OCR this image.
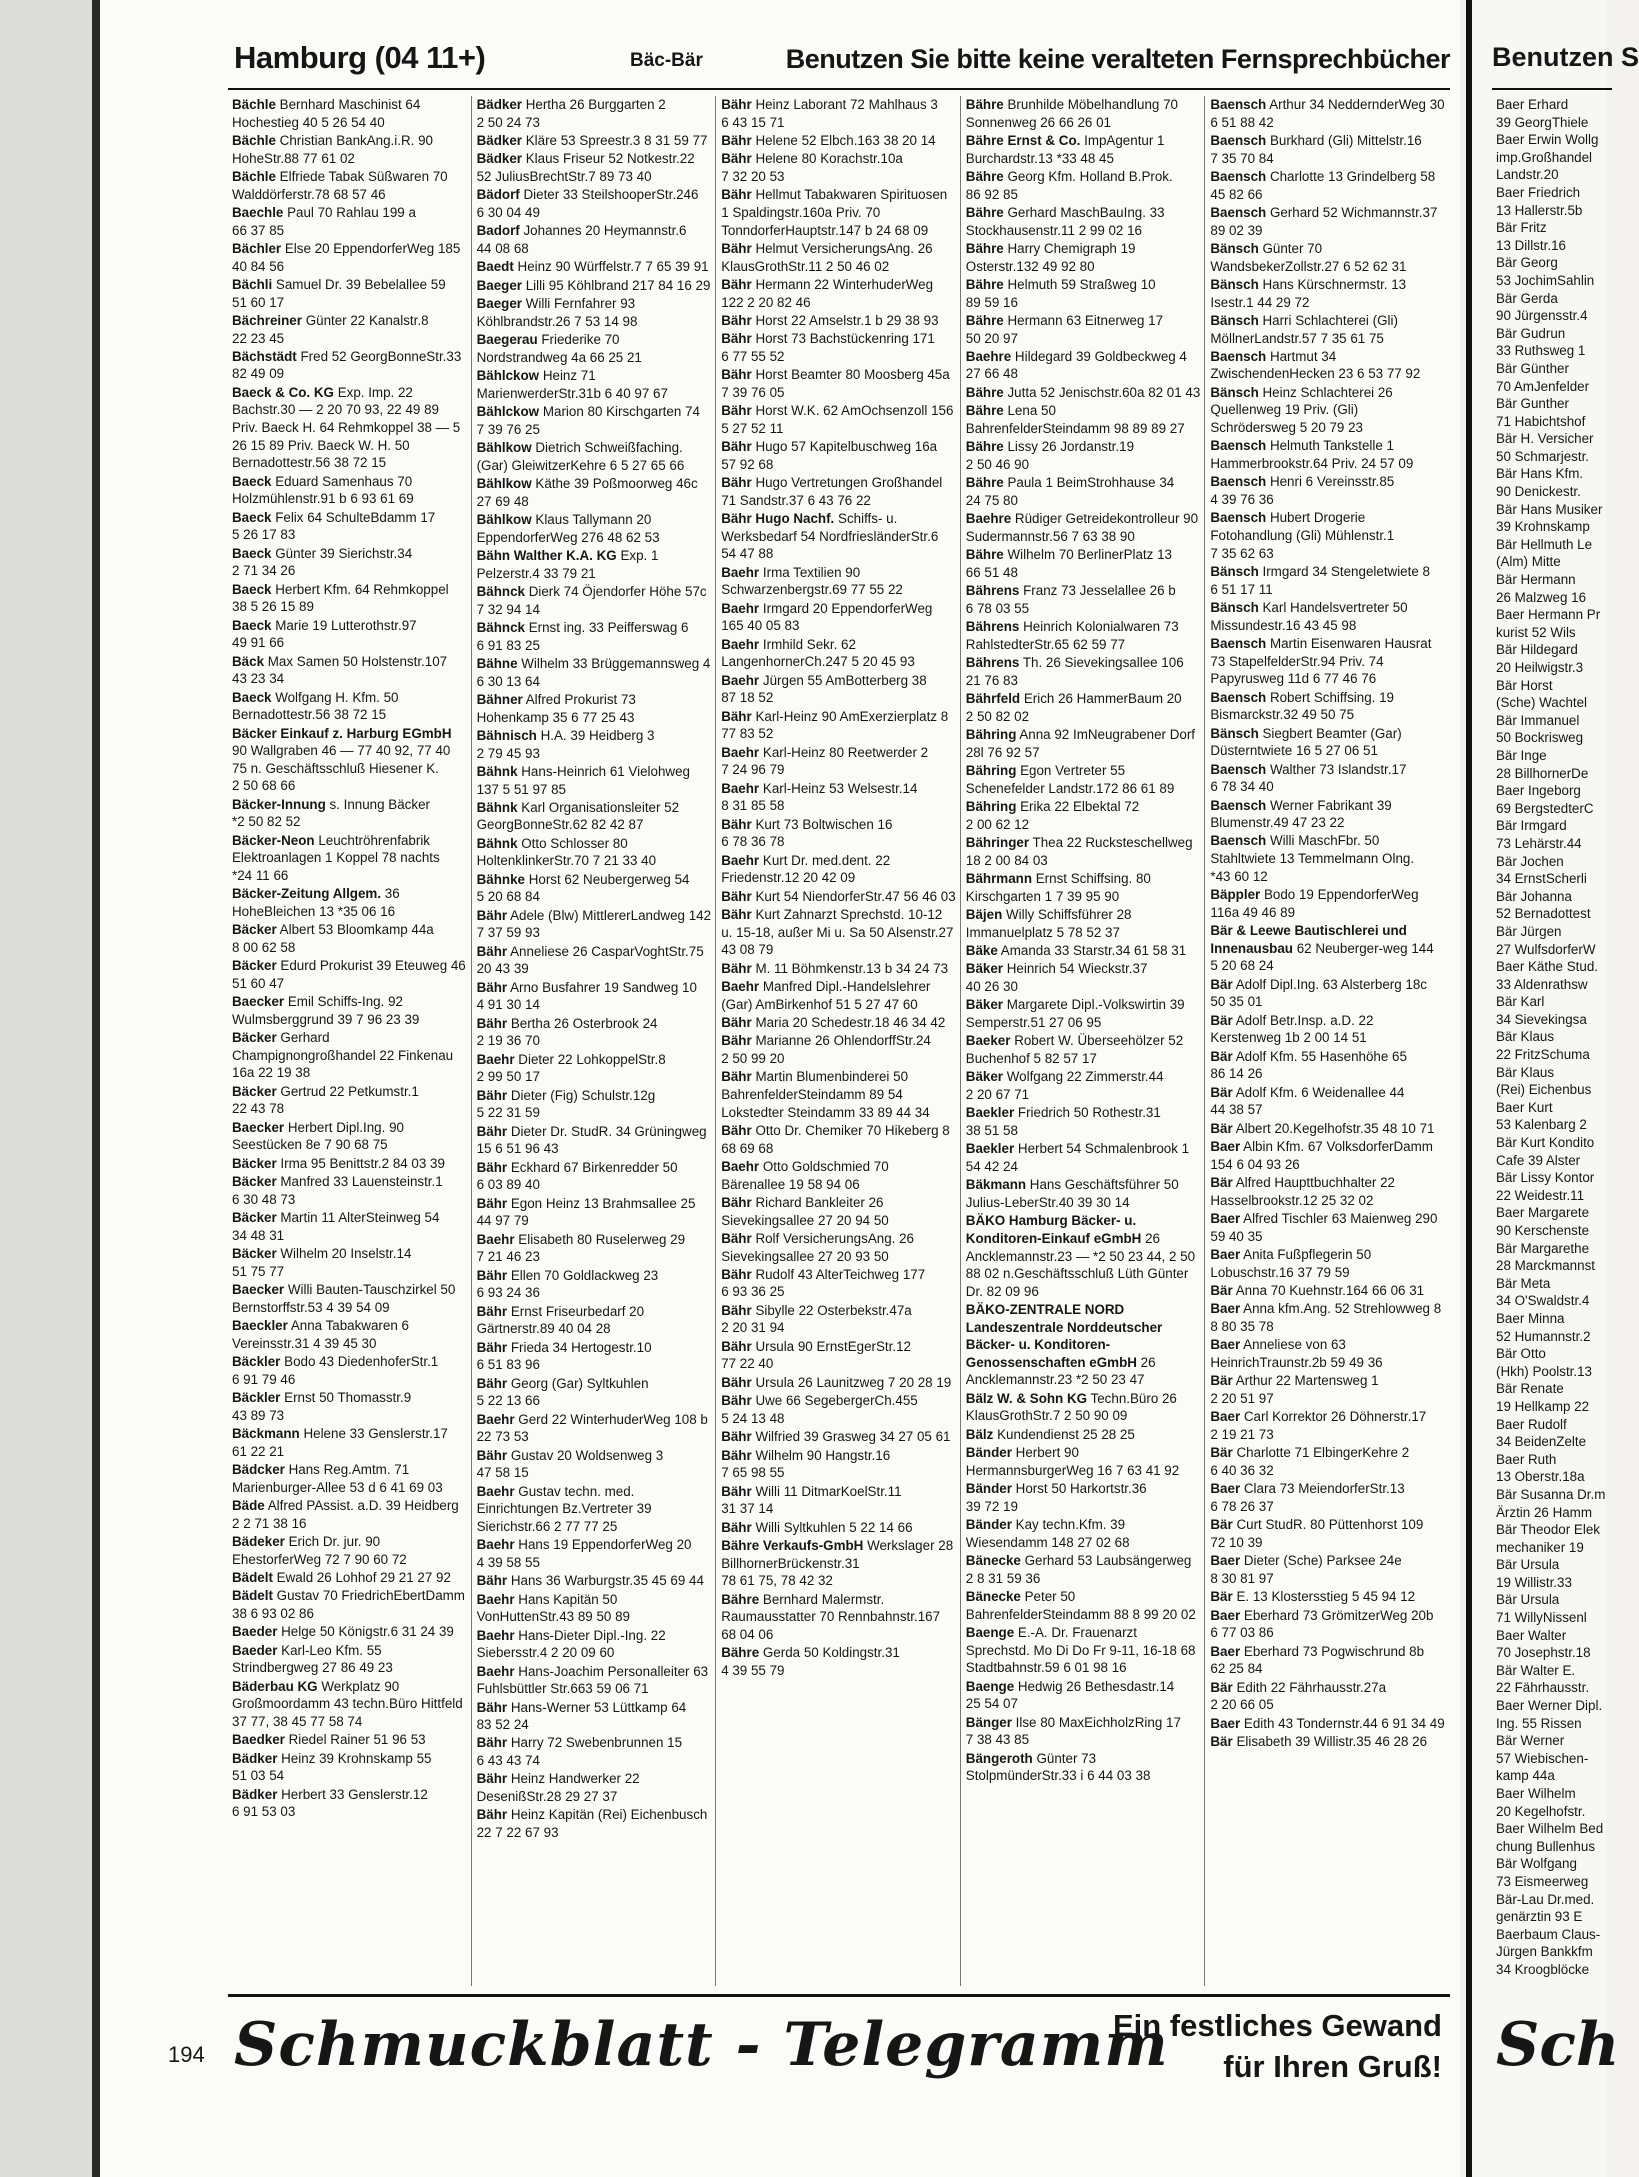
Hamburg (04 11+)	Bäc-Bär	Benutzen Sie bitte keine veralteten Fernsprechbücher
Bächle Bernhard Maschinist 64 Hochestieg 40 5 26 54 40
Bächle Christian BankAng.i.R. 90 HoheStr.88 77 61 02
Bächle Elfriede Tabak Süßwaren 70 Walddörferstr.78 68 57 46
Baechle Paul 70 Rahlau 199 a 66 37 85
Bächler Else 20 EppendorferWeg 185 40 84 56
Bächli Samuel Dr. 39 Bebelallee 59 51 60 17
Bächreiner Günter 22 Kanalstr.8 22 23 45
Bächstädt Fred 52 GeorgBonneStr.33 82 49 09
Baeck & Co. KG Exp. Imp. 22 Bachstr.30 — 2 20 70 93, 22 49 89 Priv. Baeck H. 64 Rehmkoppel 38 — 5 26 15 89 Priv. Baeck W. H. 50 Bernadottestr.56 38 72 15
Baeck Eduard Samenhaus 70 Holzmühlenstr.91 b 6 93 61 69
Baeck Felix 64 SchulteBdamm 17 5 26 17 83
Baeck Günter 39 Sierichstr.34 2 71 34 26
Baeck Herbert Kfm. 64 Rehmkoppel 38 5 26 15 89
Baeck Marie 19 Lutterothstr.97 49 91 66
Bäck Max Samen 50 Holstenstr.107 43 23 34
Baeck Wolfgang H. Kfm. 50 Bernadottestr.56 38 72 15
Bäcker Einkauf z. Harburg EGmbH 90 Wallgraben 46 — 77 40 92, 77 40 75 n. Geschäftsschluß Hiesener K. 2 50 68 66
Bäcker-Innung s. Innung Bäcker *2 50 82 52
Bäcker-Neon Leuchtröhrenfabrik Elektroanlagen 1 Koppel 78 nachts *24 11 66
Bäcker-Zeitung Allgem. 36 HoheBleichen 13 *35 06 16
Bäcker Albert 53 Bloomkamp 44a 8 00 62 58
Bäcker Edurd Prokurist 39 Eteuweg 46 51 60 47
Baecker Emil Schiffs-Ing. 92 Wulmsberggrund 39 7 96 23 39
Bäcker Gerhard Champignongroßhandel 22 Finkenau 16a 22 19 38
Bäcker Gertrud 22 Petkumstr.1 22 43 78
Baecker Herbert Dipl.Ing. 90 Seestücken 8e 7 90 68 75
Bäcker Irma 95 Benittstr.2 84 03 39
Bäcker Manfred 33 Lauensteinstr.1 6 30 48 73
Bäcker Martin 11 AlterSteinweg 54 34 48 31
Bäcker Wilhelm 20 Inselstr.14 51 75 77
Baecker Willi Bauten-Tauschzirkel 50 Bernstorffstr.53 4 39 54 09
Baeckler Anna Tabakwaren 6 Vereinsstr.31 4 39 45 30
Bäckler Bodo 43 DiedenhoferStr.1 6 91 79 46
Bäckler Ernst 50 Thomasstr.9 43 89 73
Bäckmann Helene 33 Genslerstr.17 61 22 21
Bädcker Hans Reg.Amtm. 71 Marienburger-Allee 53 d 6 41 69 03
Bäde Alfred PAssist. a.D. 39 Heidberg 2 2 71 38 16
Bädeker Erich Dr. jur. 90 EhestorferWeg 72 7 90 60 72
Bädelt Ewald 26 Lohhof 29 21 27 92
Bädelt Gustav 70 FriedrichEbertDamm 38 6 93 02 86
Baeder Helge 50 Königstr.6 31 24 39
Baeder Karl-Leo Kfm. 55 Strindbergweg 27 86 49 23
Bäderbau KG Werkplatz 90 Großmoordamm 43 techn.Büro Hittfeld 37 77, 38 45 77 58 74
Baedker Riedel Rainer 51 96 53
Bädker Heinz 39 Krohnskamp 55 51 03 54
Bädker Herbert 33 Genslerstr.12 6 91 53 03
Bädker Hertha 26 Burggarten 2 2 50 24 73
Bädker Kläre 53 Spreestr.3 8 31 59 77
Bädker Klaus Friseur 52 Notkestr.22 52 JuliusBrechtStr.7 89 73 40
Bädorf Dieter 33 SteilshooperStr.246 6 30 04 49
Badorf Johannes 20 Heymannstr.6 44 08 68
Baedt Heinz 90 Würffelstr.7 7 65 39 91
Baeger Lilli 95 Köhlbrand 217 84 16 29
Baeger Willi Fernfahrer 93 Köhlbrandstr.26 7 53 14 98
Baegerau Friederike 70 Nordstrandweg 4a 66 25 21
Bählckow Heinz 71 MarienwerderStr.31b 6 40 97 67
Bählckow Marion 80 Kirschgarten 74 7 39 76 25
Bählkow Dietrich Schweißfaching. (Gar) GleiwitzerKehre 6 5 27 65 66
Bählkow Käthe 39 Poßmoorweg 46c 27 69 48
Bählkow Klaus Tallymann 20 EppendorferWeg 276 48 62 53
Bähn Walther K.A. KG Exp. 1 Pelzerstr.4 33 79 21
Bähnck Dierk 74 Öjendorfer Höhe 57c 7 32 94 14
Bähnck Ernst ing. 33 Peifferswag 6 6 91 83 25
Bähne Wilhelm 33 Brüggemannsweg 4 6 30 13 64
Bähner Alfred Prokurist 73 Hohenkamp 35 6 77 25 43
Bähnisch H.A. 39 Heidberg 3 2 79 45 93
Bähnk Hans-Heinrich 61 Vielohweg 137 5 51 97 85
Bähnk Karl Organisationsleiter 52 GeorgBonneStr.62 82 42 87
Bähnk Otto Schlosser 80 HoltenklinkerStr.70 7 21 33 40
Bähnke Horst 62 Neubergerweg 54 5 20 68 84
Bähr Adele (Blw) MittlererLandweg 142 7 37 59 93
Bähr Anneliese 26 CasparVoghtStr.75 20 43 39
Bähr Arno Busfahrer 19 Sandweg 10 4 91 30 14
Bähr Bertha 26 Osterbrook 24 2 19 36 70
Baehr Dieter 22 LohkoppelStr.8 2 99 50 17
Bähr Dieter (Fig) Schulstr.12g 5 22 31 59
Bähr Dieter Dr. StudR. 34 Grüningweg 15 6 51 96 43
Bähr Eckhard 67 Birkenredder 50 6 03 89 40
Bähr Egon Heinz 13 Brahmsallee 25 44 97 79
Baehr Elisabeth 80 Ruselerweg 29 7 21 46 23
Bähr Ellen 70 Goldlackweg 23 6 93 24 36
Bähr Ernst Friseurbedarf 20 Gärtnerstr.89 40 04 28
Bähr Frieda 34 Hertogestr.10 6 51 83 96
Bähr Georg (Gar) Syltkuhlen 5 22 13 66
Baehr Gerd 22 WinterhuderWeg 108 b 22 73 53
Bähr Gustav 20 Woldsenweg 3 47 58 15
Baehr Gustav techn. med. Einrichtungen Bz.Vertreter 39 Sierichstr.66 2 77 77 25
Baehr Hans 19 EppendorferWeg 20 4 39 58 55
Bähr Hans 36 Warburgstr.35 45 69 44
Baehr Hans Kapitän 50 VonHuttenStr.43 89 50 89
Baehr Hans-Dieter Dipl.-Ing. 22 Siebersstr.4 2 20 09 60
Baehr Hans-Joachim Personalleiter 63 Fuhlsbüttler Str.663 59 06 71
Bähr Hans-Werner 53 Lüttkamp 64 83 52 24
Bähr Harry 72 Swebenbrunnen 15 6 43 43 74
Bähr Heinz Handwerker 22 DesenißStr.28 29 27 37
Bähr Heinz Kapitän (Rei) Eichenbusch 22 7 22 67 93
Bähr Heinz Laborant 72 Mahlhaus 3 6 43 15 71
Bähr Helene 52 Elbch.163 38 20 14
Bähr Helene 80 Korachstr.10a 7 32 20 53
Bähr Hellmut Tabakwaren Spirituosen 1 Spaldingstr.160a Priv. 70 TonndorferHauptstr.147 b 24 68 09
Bähr Helmut VersicherungsAng. 26 KlausGrothStr.11 2 50 46 02
Bähr Hermann 22 WinterhuderWeg 122 2 20 82 46
Bähr Horst 22 Amselstr.1 b 29 38 93
Bähr Horst 73 Bachstückenring 171 6 77 55 52
Bähr Horst Beamter 80 Moosberg 45a 7 39 76 05
Bähr Horst W.K. 62 AmOchsenzoll 156 5 27 52 11
Bähr Hugo 57 Kapitelbuschweg 16a 57 92 68
Bähr Hugo Vertretungen Großhandel 71 Sandstr.37 6 43 76 22
Bähr Hugo Nachf. Schiffs- u. Werksbedarf 54 NordfriesländerStr.6 54 47 88
Baehr Irma Textilien 90 Schwarzenbergstr.69 77 55 22
Baehr Irmgard 20 EppendorferWeg 165 40 05 83
Baehr Irmhild Sekr. 62 LangenhornerCh.247 5 20 45 93
Baehr Jürgen 55 AmBotterberg 38 87 18 52
Bähr Karl-Heinz 90 AmExerzierplatz 8 77 83 52
Baehr Karl-Heinz 80 Reetwerder 2 7 24 96 79
Baehr Karl-Heinz 53 Welsestr.14 8 31 85 58
Bähr Kurt 73 Boltwischen 16 6 78 36 78
Baehr Kurt Dr. med.dent. 22 Friedenstr.12 20 42 09
Bähr Kurt 54 NiendorferStr.47 56 46 03
Bähr Kurt Zahnarzt Sprechstd. 10-12 u. 15-18, außer Mi u. Sa 50 Alsenstr.27 43 08 79
Bähr M. 11 Böhmkenstr.13 b 34 24 73
Baehr Manfred Dipl.-Handelslehrer (Gar) AmBirkenhof 51 5 27 47 60
Bähr Maria 20 Schedestr.18 46 34 42
Bähr Marianne 26 OhlendorffStr.24 2 50 99 20
Bähr Martin Blumenbinderei 50 BahrenfelderSteindamm 89 54 Lokstedter Steindamm 33 89 44 34
Bähr Otto Dr. Chemiker 70 Hikeberg 8 68 69 68
Baehr Otto Goldschmied 70 Bärenallee 19 58 94 06
Bähr Richard Bankleiter 26 Sievekingsallee 27 20 94 50
Bähr Rolf VersicherungsAng. 26 Sievekingsallee 27 20 93 50
Bähr Rudolf 43 AlterTeichweg 177 6 93 36 25
Bähr Sibylle 22 Osterbekstr.47a 2 20 31 94
Bähr Ursula 90 ErnstEgerStr.12 77 22 40
Bähr Ursula 26 Launitzweg 7 20 28 19
Bähr Uwe 66 SegebergerCh.455 5 24 13 48
Bähr Wilfried 39 Grasweg 34 27 05 61
Bähr Wilhelm 90 Hangstr.16 7 65 98 55
Bähr Willi 11 DitmarKoelStr.11 31 37 14
Bähr Willi Syltkuhlen 5 22 14 66
Bähre Verkaufs-GmbH Werkslager 28 BillhornerBrückenstr.31 78 61 75, 78 42 32
Bähre Bernhard Malermstr. Raumausstatter 70 Rennbahnstr.167 68 04 06
Bähre Gerda 50 Koldingstr.31 4 39 55 79
Bähre Brunhilde Möbelhandlung 70 Sonnenweg 26 66 26 01
Bähre Ernst & Co. ImpAgentur 1 Burchardstr.13 *33 48 45
Bähre Georg Kfm. Holland B.Prok. 86 92 85
Bähre Gerhard MaschBauIng. 33 Stockhausenstr.11 2 99 02 16
Bähre Harry Chemigraph 19 Osterstr.132 49 92 80
Bähre Helmuth 59 Straßweg 10 89 59 16
Bähre Hermann 63 Eitnerweg 17 50 20 97
Baehre Hildegard 39 Goldbeckweg 4 27 66 48
Bähre Jutta 52 Jenischstr.60a 82 01 43
Bähre Lena 50 BahrenfelderSteindamm 98 89 89 27
Bähre Lissy 26 Jordanstr.19 2 50 46 90
Bähre Paula 1 BeimStrohhause 34 24 75 80
Baehre Rüdiger Getreidekontrolleur 90 Sudermannstr.56 7 63 38 90
Bähre Wilhelm 70 BerlinerPlatz 13 66 51 48
Bährens Franz 73 Jesselallee 26 b 6 78 03 55
Bährens Heinrich Kolonialwaren 73 RahlstedterStr.65 62 59 77
Bährens Th. 26 Sievekingsallee 106 21 76 83
Bährfeld Erich 26 HammerBaum 20 2 50 82 02
Bähring Anna 92 ImNeugrabener Dorf 28l 76 92 57
Bähring Egon Vertreter 55 Schenefelder Landstr.172 86 61 89
Bähring Erika 22 Elbektal 72 2 00 62 12
Bähringer Thea 22 Rucksteschellweg 18 2 00 84 03
Bährmann Ernst Schiffsing. 80 Kirschgarten 1 7 39 95 90
Bäjen Willy Schiffsführer 28 Immanuelplatz 5 78 52 37
Bäke Amanda 33 Starstr.34 61 58 31
Bäker Heinrich 54 Wieckstr.37 40 26 30
Bäker Margarete Dipl.-Volkswirtin 39 Semperstr.51 27 06 95
Baeker Robert W. Überseehölzer 52 Buchenhof 5 82 57 17
Bäker Wolfgang 22 Zimmerstr.44 2 20 67 71
Baekler Friedrich 50 Rothestr.31 38 51 58
Baekler Herbert 54 Schmalenbrook 1 54 42 24
Bäkmann Hans Geschäftsführer 50 Julius-LeberStr.40 39 30 14
BÄKO Hamburg Bäcker- u. Konditoren-Einkauf eGmbH 26 Ancklemannstr.23 — *2 50 23 44, 2 50 88 02 n.Geschäftsschluß Lüth Günter Dr. 82 09 96
BÄKO-ZENTRALE NORD Landeszentrale Norddeutscher Bäcker- u. Konditoren-Genossenschaften eGmbH 26 Ancklemannstr.23 *2 50 23 47
Bälz W. & Sohn KG Techn.Büro 26 KlausGrothStr.7 2 50 90 09
Bälz Kundendienst 25 28 25
Bänder Herbert 90 HermannsburgerWeg 16 7 63 41 92
Bänder Horst 50 Harkortstr.36 39 72 19
Bänder Kay techn.Kfm. 39 Wiesendamm 148 27 02 68
Bänecke Gerhard 53 Laubsängerweg 2 8 31 59 36
Bänecke Peter 50 BahrenfelderSteindamm 88 8 99 20 02
Baenge E.-A. Dr. Frauenarzt Sprechstd. Mo Di Do Fr 9-11, 16-18 68 Stadtbahnstr.59 6 01 98 16
Baenge Hedwig 26 Bethesdastr.14 25 54 07
Bänger Ilse 80 MaxEichholzRing 17 7 38 43 85
Bängeroth Günter 73 StolpmünderStr.33 i 6 44 03 38
Baensch Arthur 34 NeddernderWeg 30 6 51 88 42
Baensch Burkhard (Gli) Mittelstr.16 7 35 70 84
Baensch Charlotte 13 Grindelberg 58 45 82 66
Baensch Gerhard 52 Wichmannstr.37 89 02 39
Bänsch Günter 70 WandsbekerZollstr.27 6 52 62 31
Bänsch Hans Kürschnermstr. 13 Isestr.1 44 29 72
Bänsch Harri Schlachterei (Gli) MöllnerLandstr.57 7 35 61 75
Baensch Hartmut 34 ZwischendenHecken 23 6 53 77 92
Bänsch Heinz Schlachterei 26 Quellenweg 19 Priv. (Gli) Schrödersweg 5 20 79 23
Baensch Helmuth Tankstelle 1 Hammerbrookstr.64 Priv. 24 57 09
Baensch Henri 6 Vereinsstr.85 4 39 76 36
Baensch Hubert Drogerie Fotohandlung (Gli) Mühlenstr.1 7 35 62 63
Bänsch Irmgard 34 Stengeletwiete 8 6 51 17 11
Bänsch Karl Handelsvertreter 50 Missundestr.16 43 45 98
Baensch Martin Eisenwaren Hausrat 73 StapelfelderStr.94 Priv. 74 Papyrusweg 11d 6 77 46 76
Baensch Robert Schiffsing. 19 Bismarckstr.32 49 50 75
Bänsch Siegbert Beamter (Gar) Düsterntwiete 16 5 27 06 51
Baensch Walther 73 Islandstr.17 6 78 34 40
Baensch Werner Fabrikant 39 Blumenstr.49 47 23 22
Baensch Willi MaschFbr. 50 Stahltwiete 13 Temmelmann Olng. *43 60 12
Bäppler Bodo 19 EppendorferWeg 116a 49 46 89
Bär & Leewe Bautischlerei und Innenausbau 62 Neuberger-weg 144 5 20 68 24
Bär Adolf Dipl.Ing. 63 Alsterberg 18c 50 35 01
Bär Adolf Betr.Insp. a.D. 22 Kerstenweg 1b 2 00 14 51
Bär Adolf Kfm. 55 Hasenhöhe 65 86 14 26
Bär Adolf Kfm. 6 Weidenallee 44 44 38 57
Bär Albert 20.Kegelhofstr.35 48 10 71
Baer Albin Kfm. 67 VolksdorferDamm 154 6 04 93 26
Bär Alfred Haupttbuchhalter 22 Hasselbrookstr.12 25 32 02
Baer Alfred Tischler 63 Maienweg 290 59 40 35
Baer Anita Fußpflegerin 50 Lobuschstr.16 37 79 59
Bär Anna 70 Kuehnstr.164 66 06 31
Baer Anna kfm.Ang. 52 Strehlowweg 8 8 80 35 78
Baer Anneliese von 63 HeinrichTraunstr.2b 59 49 36
Bär Arthur 22 Martensweg 1 2 20 51 97
Baer Carl Korrektor 26 Döhnerstr.17 2 19 21 73
Bär Charlotte 71 ElbingerKehre 2 6 40 36 32
Baer Clara 73 MeiendorferStr.13 6 78 26 37
Bär Curt StudR. 80 Püttenhorst 109 72 10 39
Baer Dieter (Sche) Parksee 24e 8 30 81 97
Bär E. 13 Klostersstieg 5 45 94 12
Baer Eberhard 73 GrömitzerWeg 20b 6 77 03 86
Baer Eberhard 73 Pogwischrund 8b 62 25 84
Bär Edith 22 Fährhausstr.27a 2 20 66 05
Baer Edith 43 Tondernstr.44 6 91 34 49
Bär Elisabeth 39 Willistr.35 46 28 26
194 Schmuckblatt - Telegramm
Ein festliches Gewand
für Ihren Gruß!
Benutzen S
Baer Erhard
39 GeorgThiele
Baer Erwin Wollg
imp.Großhandel
Landstr.20
Baer Friedrich
13 Hallerstr.5b
Bär Fritz
13 Dillstr.16
Bär Georg
53 JochimSahlin
Bär Gerda
90 Jürgensstr.4
Bär Gudrun
33 Ruthsweg 1
Bär Günther
70 AmJenfelder
Bär Gunther
71 Habichtshof
Bär H. Versicher
50 Schmarjestr.
Bär Hans Kfm.
90 Denickestr.
Bär Hans Musiker
39 Krohnskamp
Bär Hellmuth Le
(Alm) Mitte
Bär Hermann
26 Malzweg 16
Baer Hermann Pr
kurist 52 Wils
Bär Hildegard
20 Heilwigstr.3
Bär Horst
(Sche) Wachtel
Bär Immanuel
50 Bockrisweg
Bär Inge
28 BillhornerDe
Baer Ingeborg
69 BergstedterC
Bär Irmgard
73 Lehärstr.44
Bär Jochen
34 ErnstScherli
Bär Johanna
52 Bernadottest
Bär Jürgen
27 WulfsdorferW
Baer Käthe Stud.
33 Aldenrathsw
Bär Karl
34 Sievekingsa
Bär Klaus
22 FritzSchuma
Bär Klaus
(Rei) Eichenbus
Baer Kurt
53 Kalenbarg 2
Bär Kurt Kondito
Cafe 39 Alster
Bär Lissy Kontor
22 Weidestr.11
Baer Margarete
90 Kerschenste
Bär Margarethe
28 Marckmannst
Bär Meta
34 O'Swaldstr.4
Baer Minna
52 Humannstr.2
Bär Otto
(Hkh) Poolstr.13
Bär Renate
19 Hellkamp 22
Baer Rudolf
34 BeidenZelte
Baer Ruth
13 Oberstr.18a
Bär Susanna Dr.m
Ärztin 26 Hamm
Bär Theodor Elek
mechaniker 19
Bär Ursula
19 Willistr.33
Bär Ursula
71 WillyNissenl
Baer Walter
70 Josephstr.18
Bär Walter E.
22 Fährhausstr.
Baer Werner Dipl.
Ing. 55 Rissen
Bär Werner
57 Wiebischen-
kamp 44a
Baer Wilhelm
20 Kegelhofstr.
Baer Wilhelm Bed
chung Bullenhus
Bär Wolfgang
73 Eismeerweg
Bär-Lau Dr.med.
genärztin 93 E
Baerbaum Claus-
Jürgen Bankkfm
34 Kroogblöcke
Sch
